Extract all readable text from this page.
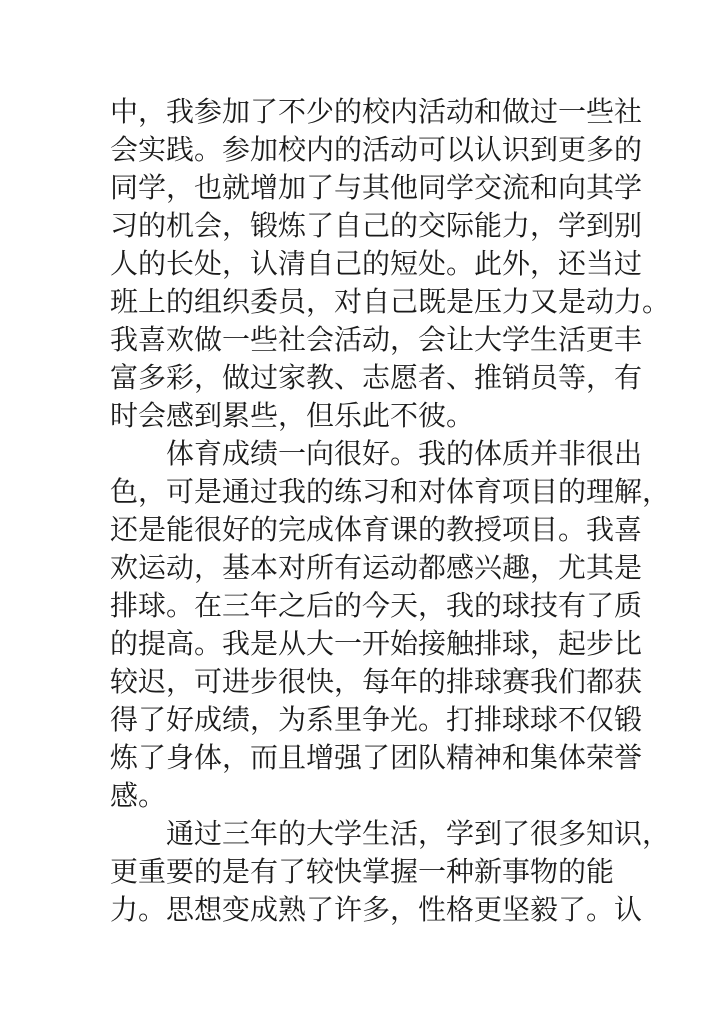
中，我参加了不少的校内活动和做过一些社
会实践。参加校内的活动可以认识到更多的
同学，也就增加了与其他同学交流和向其学
习的机会，锻炼了自己的交际能力，学到别
人的长处，认清自己的短处。此外，还当过
班上的组织委员，对自己既是压力又是动力。
我喜欢做一些社会活动，会让大学生活更丰
富多彩，做过家教、志愿者、推销员等，有
时会感到累些，但乐此不彼。
体育成绩一向很好。我的体质并非很出
色，可是通过我的练习和对体育项目的理解，
还是能很好的完成体育课的教授项目。我喜
欢运动，基本对所有运动都感兴趣，尤其是
排球。在三年之后的今天，我的球技有了质
的提高。我是从大一开始接触排球，起步比
较迟，可进步很快，每年的排球赛我们都获
得了好成绩，为系里争光。打排球球不仅锻
炼了身体，而且增强了团队精神和集体荣誉
感。
通过三年的大学生活，学到了很多知识，
更重要的是有了较快掌握一种新事物的能
力。思想变成熟了许多，性格更坚毅了。认
